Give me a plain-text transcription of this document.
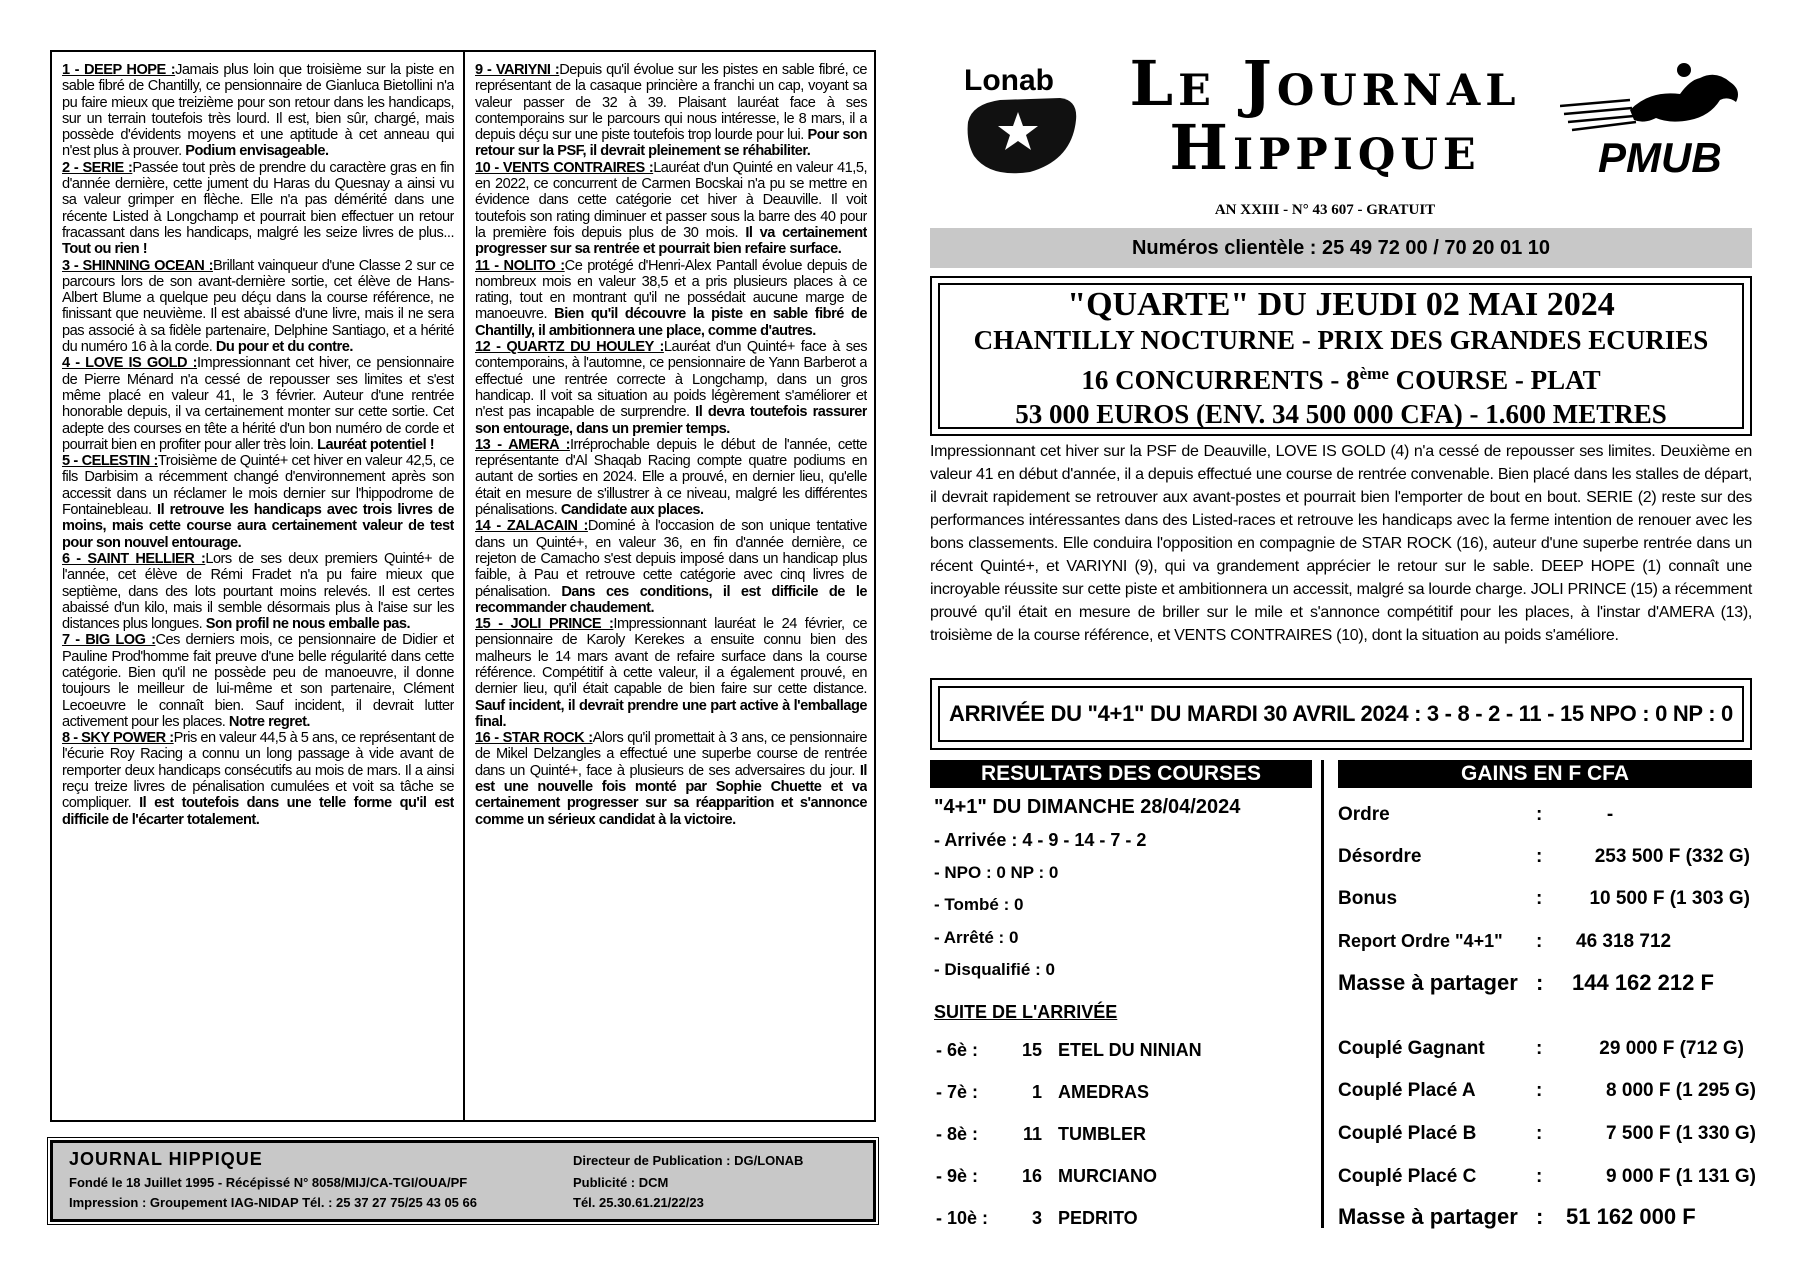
1 - DEEP HOPE :Jamais plus loin que troisième sur la piste en sable fibré de Chantilly, ce pensionnaire de Gianluca Bietollini n'a pu faire mieux que treizième pour son retour dans les handicaps, sur un terrain toutefois très lourd. Il est, bien sûr, chargé, mais possède d'évidents moyens et une aptitude à cet anneau qui n'est plus à prouver. Podium envisageable.

2 - SERIE :Passée tout près de prendre du caractère gras en fin d'année dernière, cette jument du Haras du Quesnay a ainsi vu sa valeur grimper en flèche. Elle n'a pas démérité dans une récente Listed à Longchamp et pourrait bien effectuer un retour fracassant dans les handicaps, malgré les seize livres de plus... Tout ou rien !

3 - SHINNING OCEAN :Brillant vainqueur d'une Classe 2 sur ce parcours lors de son avant-dernière sortie, cet élève de Hans-Albert Blume a quelque peu déçu dans la course référence, ne finissant que neuvième. Il est abaissé d'une livre, mais il ne sera pas associé à sa fidèle partenaire, Delphine Santiago, et a hérité du numéro 16 à la corde. Du pour et du contre.

4 - LOVE IS GOLD :Impressionnant cet hiver, ce pensionnaire de Pierre Ménard n'a cessé de repousser ses limites et s'est même placé en valeur 41, le 3 février. Auteur d'une rentrée honorable depuis, il va certainement monter sur cette sortie. Cet adepte des courses en tête a hérité d'un bon numéro de corde et pourrait bien en profiter pour aller très loin. Lauréat potentiel !

5 - CELESTIN :Troisième de Quinté+ cet hiver en valeur 42,5, ce fils Darbisim a récemment changé d'environnement après son accessit dans un réclamer le mois dernier sur l'hippodrome de Fontainebleau. Il retrouve les handicaps avec trois livres de moins, mais cette course aura certainement valeur de test pour son nouvel entourage.

6 - SAINT HELLIER :Lors de ses deux premiers Quinté+ de l'année, cet élève de Rémi Fradet n'a pu faire mieux que septième, dans des lots pourtant moins relevés. Il est certes abaissé d'un kilo, mais il semble désormais plus à l'aise sur les distances plus longues. Son profil ne nous emballe pas.

7 - BIG LOG :Ces derniers mois, ce pensionnaire de Didier et Pauline Prod'homme fait preuve d'une belle régularité dans cette catégorie. Bien qu'il ne possède peu de manoeuvre, il donne toujours le meilleur de lui-même et son partenaire, Clément Lecoeuvre le connaît bien. Sauf incident, il devrait lutter activement pour les places. Notre regret.

8 - SKY POWER :Pris en valeur 44,5 à 5 ans, ce représentant de l'écurie Roy Racing a connu un long passage à vide avant de remporter deux handicaps consécutifs au mois de mars. Il a ainsi reçu treize livres de pénalisation cumulées et voit sa tâche se compliquer. Il est toutefois dans une telle forme qu'il est difficile de l'écarter totalement.

9 - VARIYNI :Depuis qu'il évolue sur les pistes en sable fibré, ce représentant de la casaque princière a franchi un cap, voyant sa valeur passer de 32 à 39. Plaisant lauréat face à ses contemporains sur le parcours qui nous intéresse, le 8 mars, il a depuis déçu sur une piste toutefois trop lourde pour lui. Pour son retour sur la PSF, il devrait pleinement se réhabiliter.

10 - VENTS CONTRAIRES :Lauréat d'un Quinté en valeur 41,5, en 2022, ce concurrent de Carmen Bocskai n'a pu se mettre en évidence dans cette catégorie cet hiver à Deauville. Il voit toutefois son rating diminuer et passer sous la barre des 40 pour la première fois depuis plus de 30 mois. Il va certainement progresser sur sa rentrée et pourrait bien refaire surface.

11 - NOLITO :Ce protégé d'Henri-Alex Pantall évolue depuis de nombreux mois en valeur 38,5 et a pris plusieurs places à ce rating, tout en montrant qu'il ne possédait aucune marge de manoeuvre. Bien qu'il découvre la piste en sable fibré de Chantilly, il ambitionnera une place, comme d'autres.

12 - QUARTZ DU HOULEY :Lauréat d'un Quinté+ face à ses contemporains, à l'automne, ce pensionnaire de Yann Barberot a effectué une rentrée correcte à Longchamp, dans un gros handicap. Il voit sa situation au poids légèrement s'améliorer et n'est pas incapable de surprendre. Il devra toutefois rassurer son entourage, dans un premier temps.

13 - AMERA :Irréprochable depuis le début de l'année, cette représentante d'Al Shaqab Racing compte quatre podiums en autant de sorties en 2024. Elle a prouvé, en dernier lieu, qu'elle était en mesure de s'illustrer à ce niveau, malgré les différentes pénalisations. Candidate aux places.

14 - ZALACAIN :Dominé à l'occasion de son unique tentative dans un Quinté+, en valeur 36, en fin d'année dernière, ce rejeton de Camacho s'est depuis imposé dans un handicap plus faible, à Pau et retrouve cette catégorie avec cinq livres de pénalisation. Dans ces conditions, il est difficile de le recommander chaudement.

15 - JOLI PRINCE :Impressionnant lauréat le 24 février, ce pensionnaire de Karoly Kerekes a ensuite connu bien des malheurs le 14 mars avant de refaire surface dans la course référence. Compétitif à cette valeur, il a également prouvé, en dernier lieu, qu'il était capable de bien faire sur cette distance. Sauf incident, il devrait prendre une part active à l'emballage final.

16 - STAR ROCK :Alors qu'il promettait à 3 ans, ce pensionnaire de Mikel Delzangles a effectué une superbe course de rentrée dans un Quinté+, face à plusieurs de ses adversaires du jour. Il est une nouvelle fois monté par Sophie Chuette et va certainement progresser sur sa réapparition et s'annonce comme un sérieux candidat à la victoire.

JOURNAL HIPPIQUE
Fondé le 18 Juillet 1995 - Récépissé N° 8058/MIJ/CA-TGI/OUA/PF
Impression : Groupement IAG-NIDAP Tél. : 25 37 27 75/25 43 05 66
Directeur de Publication : DG/LONAB
Publicité : DCM
Tél. 25.30.61.21/22/23
Lonab	Le Journal
Hippique	PMUB
AN XXIII - N° 43 607 - GRATUIT
Numéros clientèle : 25 49 72 00 / 70 20 01 10
"QUARTE" DU JEUDI 02 MAI 2024
CHANTILLY NOCTURNE - PRIX DES GRANDES ECURIES
16 CONCURRENTS - 8ème COURSE - PLAT
53 000 EUROS (ENV. 34 500 000 CFA) - 1.600 METRES
Impressionnant cet hiver sur la PSF de Deauville, LOVE IS GOLD (4) n'a cessé de repousser ses limites. Deuxième en valeur 41 en début d'année, il a depuis effectué une course de rentrée convenable. Bien placé dans les stalles de départ, il devrait rapidement se retrouver aux avant-postes et pourrait bien l'emporter de bout en bout. SERIE (2) reste sur des performances intéressantes dans des Listed-races et retrouve les handicaps avec la ferme intention de renouer avec les bons classements. Elle conduira l'opposition en compagnie de STAR ROCK (16), auteur d'une superbe rentrée dans un récent Quinté+, et VARIYNI (9), qui va grandement apprécier le retour sur le sable. DEEP HOPE (1) connaît une incroyable réussite sur cette piste et ambitionnera un accessit, malgré sa lourde charge. JOLI PRINCE (15) a récemment prouvé qu'il était en mesure de briller sur le mile et s'annonce compétitif pour les places, à l'instar d'AMERA (13), troisième de la course référence, et VENTS CONTRAIRES (10), dont la situation au poids s'améliore.
ARRIVÉE DU "4+1" DU MARDI 30 AVRIL 2024 : 3 - 8 - 2 - 11 - 15 NPO : 0 NP : 0
RESULTATS DES COURSES	GAINS EN F CFA
"4+1" DU DIMANCHE 28/04/2024
- Arrivée : 4 - 9 - 14 - 7 - 2
- NPO : 0 NP : 0
- Tombé : 0
- Arrêté : 0
- Disqualifié : 0
SUITE DE L'ARRIVÉE
- 6è :	15 ETEL DU NINIAN
- 7è :	1 AMEDRAS
- 8è :	11 TUMBLER
- 9è :	16 MURCIANO
- 10è :	3 PEDRITO
Ordre	:	-
Désordre	:	253 500 F (332 G)
Bonus	:	10 500 F (1 303 G)
Report Ordre "4+1" : 46 318 712
Masse à partager : 144 162 212 F
Couplé Gagnant	:	29 000 F (712 G)
Couplé Placé A	:	8 000 F (1 295 G)
Couplé Placé B	:	7 500 F (1 330 G)
Couplé Placé C	:	9 000 F (1 131 G)
Masse à partager : 51 162 000 F
